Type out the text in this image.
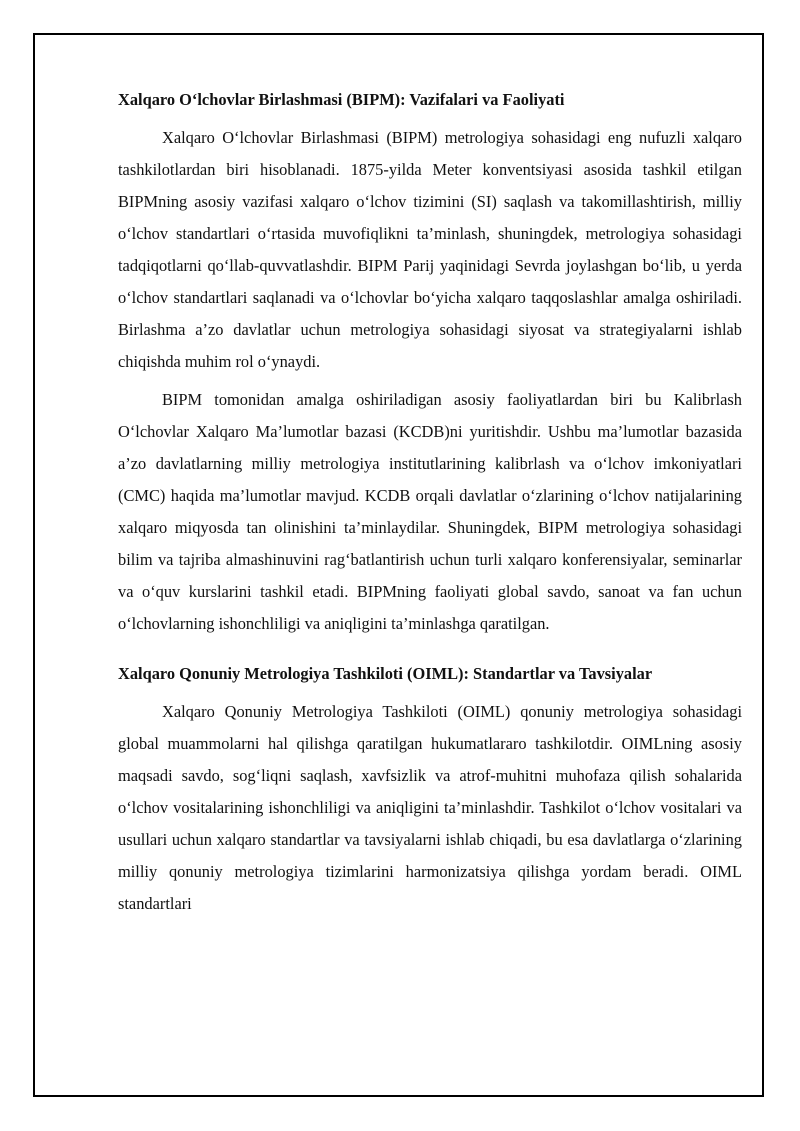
Xalqaro O‘lchovlar Birlashmasi (BIPM): Vazifalari va Faoliyati

Xalqaro O‘lchovlar Birlashmasi (BIPM) metrologiya sohasidagi eng nufuzli xalqaro tashkilotlardan biri hisoblanadi. 1875-yilda Meter konventsiyasi asosida tashkil etilgan BIPMning asosiy vazifasi xalqaro o‘lchov tizimini (SI) saqlash va takomillashtirish, milliy o‘lchov standartlari o‘rtasida muvofiqlikni ta’minlash, shuningdek, metrologiya sohasidagi tadqiqotlarni qo‘llab-quvvatlashdir. BIPM Parij yaqinidagi Sevrda joylashgan bo‘lib, u yerda o‘lchov standartlari saqlanadi va o‘lchovlar bo‘yicha xalqaro taqqoslashlar amalga oshiriladi. Birlashma a’zo davlatlar uchun metrologiya sohasidagi siyosat va strategiyalarni ishlab chiqishda muhim rol o‘ynaydi.

BIPM tomonidan amalga oshiriladigan asosiy faoliyatlardan biri bu Kalibrlash O‘lchovlar Xalqaro Ma’lumotlar bazasi (KCDB)ni yuritishdir. Ushbu ma’lumotlar bazasida a’zo davlatlarning milliy metrologiya institutlarining kalibrlash va o‘lchov imkoniyatlari (CMC) haqida ma’lumotlar mavjud. KCDB orqali davlatlar o‘zlarining o‘lchov natijalarining xalqaro miqyosda tan olinishini ta’minlaydilar. Shuningdek, BIPM metrologiya sohasidagi bilim va tajriba almashinuvini rag‘batlantirish uchun turli xalqaro konferensiyalar, seminarlar va o‘quv kurslarini tashkil etadi. BIPMning faoliyati global savdo, sanoat va fan uchun o‘lchovlarning ishonchliligi va aniqligini ta’minlashga qaratilgan.

Xalqaro Qonuniy Metrologiya Tashkiloti (OIML): Standartlar va Tavsiyalar

Xalqaro Qonuniy Metrologiya Tashkiloti (OIML) qonuniy metrologiya sohasidagi global muammolarni hal qilishga qaratilgan hukumatlararo tashkilotdir. OIMLning asosiy maqsadi savdo, sog‘liqni saqlash, xavfsizlik va atrof-muhitni muhofaza qilish sohalarida o‘lchov vositalarining ishonchliligi va aniqligini ta’minlashdir. Tashkilot o‘lchov vositalari va usullari uchun xalqaro standartlar va tavsiyalarni ishlab chiqadi, bu esa davlatlarga o‘zlarining milliy qonuniy metrologiya tizimlarini harmonizatsiya qilishga yordam beradi. OIML standartlari
